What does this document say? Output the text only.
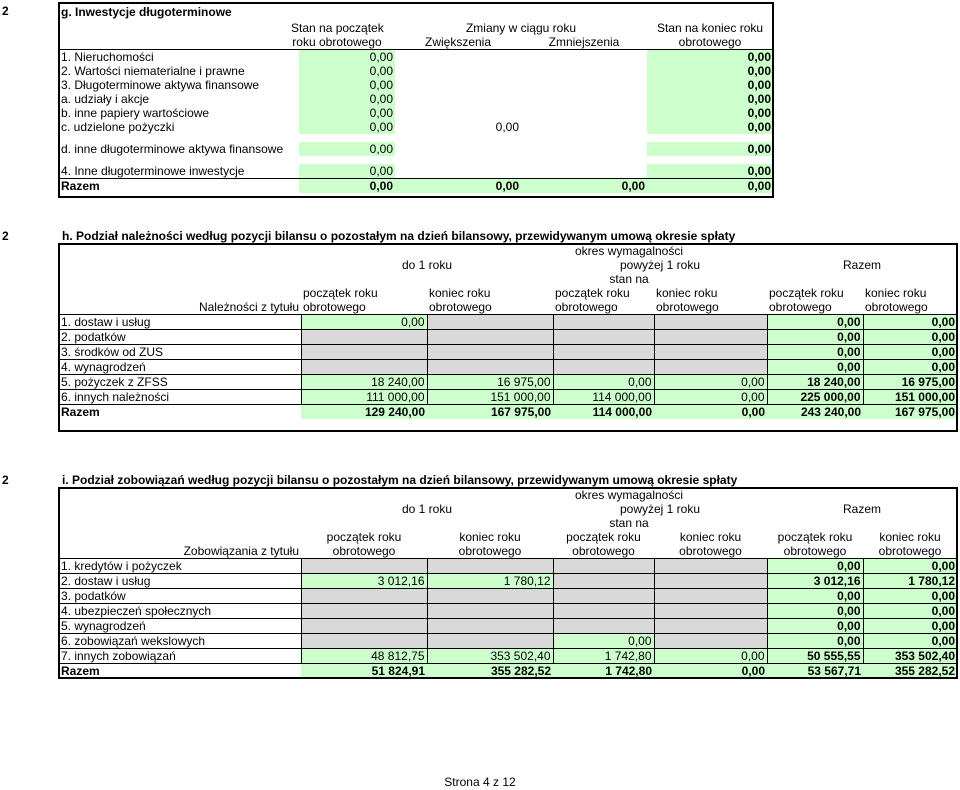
2	g. Inwestycje długoterminowe				
	Stan na początek	Zmiany w ciągu roku		Stan na koniec roku
	roku obrotowego	Zwiększenia	Zmniejszenia	obrotowego
1. Nieruchomości	0,00			0,00
2. Wartości niematerialne i prawne	0,00			0,00
3. Długoterminowe aktywa finansowe	0,00			0,00
a. udziały i akcje	0,00			0,00
b. inne papiery wartościowe	0,00			0,00
c. udzielone pożyczki	0,00	0,00		0,00

d. inne długoterminowe aktywa finansowe	0,00			0,00

4. Inne długoterminowe inwestycje	0,00			0,00
Razem	0,00	0,00	0,00	0,00

2	h. Podział należności według pozycji bilansu o pozostałym na dzień bilansowy, przewidywanym umową okresie spłaty
	okres wymagalności					
	do 1 roku		powyżej 1 roku		Razem	
	stan na					
	początek roku	koniec roku	początek roku	koniec roku	początek roku	koniec roku
Należności z tytułu	obrotowego	obrotowego	obrotowego	obrotowego	obrotowego	obrotowego
1. dostaw i usług	0,00				0,00	0,00
2. podatków					0,00	0,00
3. środków od ZUS					0,00	0,00
4. wynagrodzeń					0,00	0,00
5. pożyczek z ZFSS	18 240,00	16 975,00	0,00	0,00	18 240,00	16 975,00
6. innych należności	111 000,00	151 000,00	114 000,00	0,00	225 000,00	151 000,00
Razem	129 240,00	167 975,00	114 000,00	0,00	243 240,00	167 975,00

2	i. Podział zobowiązań według pozycji bilansu o pozostałym na dzień bilansowy, przewidywanym umową okresie spłaty
	okres wymagalności					
	do 1 roku		powyżej 1 roku		Razem	
	stan na					
	początek roku	koniec roku	początek roku	koniec roku	początek roku	koniec roku
Zobowiązania z tytułu	obrotowego	obrotowego	obrotowego	obrotowego	obrotowego	obrotowego
1. kredytów i pożyczek					0,00	0,00
2. dostaw i usług	3 012,16	1 780,12			3 012,16	1 780,12
3. podatków					0,00	0,00
4. ubezpieczeń społecznych					0,00	0,00
5. wynagrodzeń					0,00	0,00
6. zobowiązań wekslowych			0,00		0,00	0,00
7. innych zobowiązań	48 812,75	353 502,40	1 742,80	0,00	50 555,55	353 502,40
Razem	51 824,91	355 282,52	1 742,80	0,00	53 567,71	355 282,52
Strona 4 z 12
